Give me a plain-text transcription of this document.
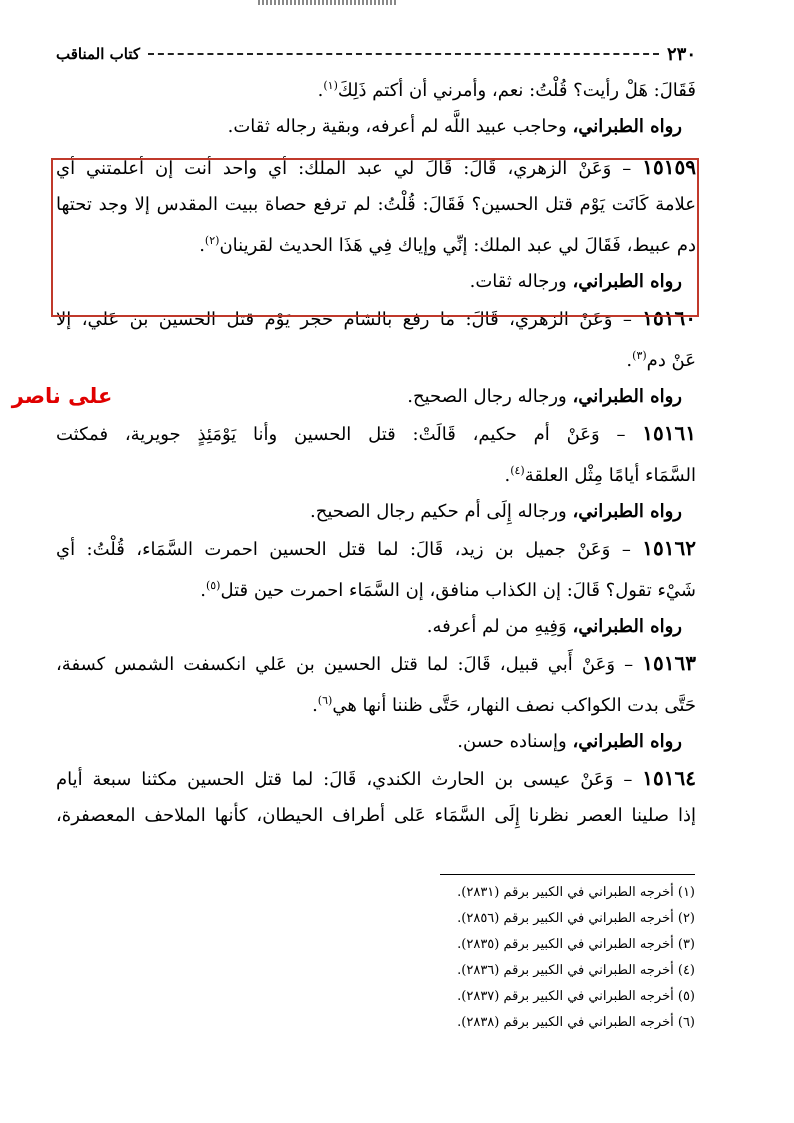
٢٣٠
كتاب المناقب
فَقَالَ: هَلْ رأيت؟ قُلْتُ: نعم، وأمرني أن أكتم ذَلِكَ$^{(١)}$.
رواه الطبراني، وحاجب عبيد اللَّه لم أعرفه، وبقية رجاله ثقات.
١٥١٥٩ – وَعَنْ الزهري، قَالَ: قَالَ لي عبد الملك: أي واحد أنت إن أعلمتني أي
علامة كَانَت يَوْم قتل الحسين؟ فَقَالَ: قُلْتُ: لم ترفع حصاة ببيت المقدس إلا وجد تحتها
دم عبيط، فَقَالَ لي عبد الملك: إنِّي وإياك فِي هَذَا الحديث لقرينان$^{(٢)}$.
رواه الطبراني، ورجاله ثقات.
١٥١٦٠ – وَعَنْ الزهري، قَالَ: مَا رفع بالشام حجر يَوْم قتل الحسين بن عَلي، إلا
عَنْ دم$^{(٣)}$.
رواه الطبراني، ورجاله رجال الصحيح.
١٥١٦١ – وَعَنْ أم حكيم، قَالَتْ: قتل الحسين وأنا يَوْمَئِذٍ جويرية، فمكثت
السَّمَاء أيامًا مِثْل العلقة$^{(٤)}$.
رواه الطبراني، ورجاله إِلَى أم حكيم رجال الصحيح.
١٥١٦٢ – وَعَنْ جميل بن زيد، قَالَ: لما قتل الحسين احمرت السَّمَاء، قُلْتُ: أي
شَيْء تقول؟ قَالَ: إن الكذاب منافق، إن السَّمَاء احمرت حين قتل$^{(٥)}$.
رواه الطبراني، وَفِيهِ من لم أعرفه.
١٥١٦٣ – وَعَنْ أَبي قبيل، قَالَ: لما قتل الحسين بن عَلي انكسفت الشمس كسفة،
حَتَّى بدت الكواكب نصف النهار، حَتَّى ظننا أنها هي$^{(٦)}$.
رواه الطبراني، وإسناده حسن.
١٥١٦٤ – وَعَنْ عيسى بن الحارث الكندي، قَالَ: لما قتل الحسين مكثنا سبعة أيام
إذا صلينا العصر نظرنا إِلَى السَّمَاء عَلى أطراف الحيطان، كأنها الملاحف المعصفرة،
على ناصر
(١) أخرجه الطبراني في الكبير برقم (٢٨٣١).
(٢) أخرجه الطبراني في الكبير برقم (٢٨٥٦).
(٣) أخرجه الطبراني في الكبير برقم (٢٨٣٥).
(٤) أخرجه الطبراني في الكبير برقم (٢٨٣٦).
(٥) أخرجه الطبراني في الكبير برقم (٢٨٣٧).
(٦) أخرجه الطبراني في الكبير برقم (٢٨٣٨).
